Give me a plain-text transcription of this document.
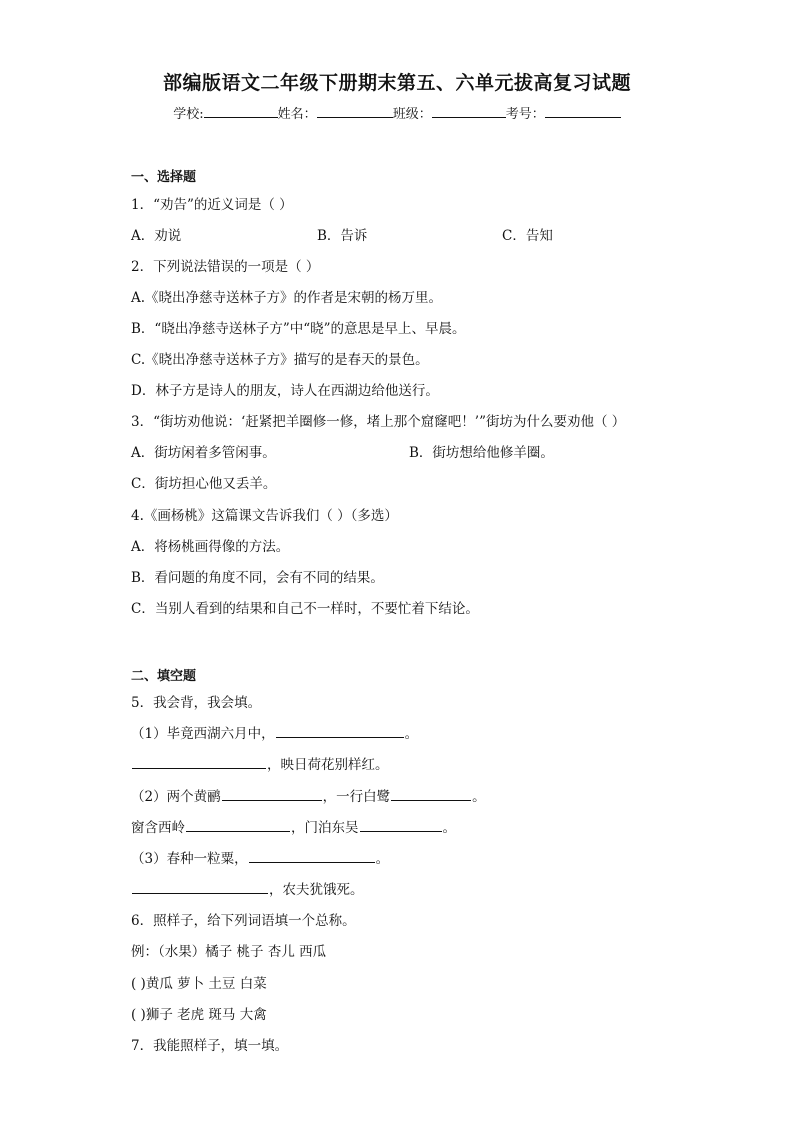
部编版语文二年级下册期末第五、六单元拔高复习试题
学校:	姓名：	班级：	考号：
一、选择题
1．“劝告”的近义词是（ ）
A．劝说	B．告诉	C．告知
2．下列说法错误的一项是（ ）
A.《晓出净慈寺送林子方》的作者是宋朝的杨万里。
B．“晓出净慈寺送林子方”中“晓”的意思是早上、早晨。
C.《晓出净慈寺送林子方》描写的是春天的景色。
D．林子方是诗人的朋友，诗人在西湖边给他送行。
3．“街坊劝他说：‘赶紧把羊圈修一修，堵上那个窟窿吧！’”街坊为什么要劝他（ ）
A．街坊闲着多管闲事。	B．街坊想给他修羊圈。
C．街坊担心他又丢羊。
4.《画杨桃》这篇课文告诉我们（ ）（多选）
A．将杨桃画得像的方法。
B．看问题的角度不同，会有不同的结果。
C．当别人看到的结果和自己不一样时，不要忙着下结论。
二、填空题
5．我会背，我会填。
（1）毕竟西湖六月中，	。
，映日荷花别样红。
（2）两个黄鹂	，一行白鹭	。
窗含西岭	，门泊东吴	。
（3）春种一粒粟，	。
，农夫犹饿死。
6．照样子，给下列词语填一个总称。
例：（水果）橘子 桃子 杏儿 西瓜
( )黄瓜 萝卜 土豆 白菜
( )狮子 老虎 斑马 大禽
7．我能照样子，填一填。
